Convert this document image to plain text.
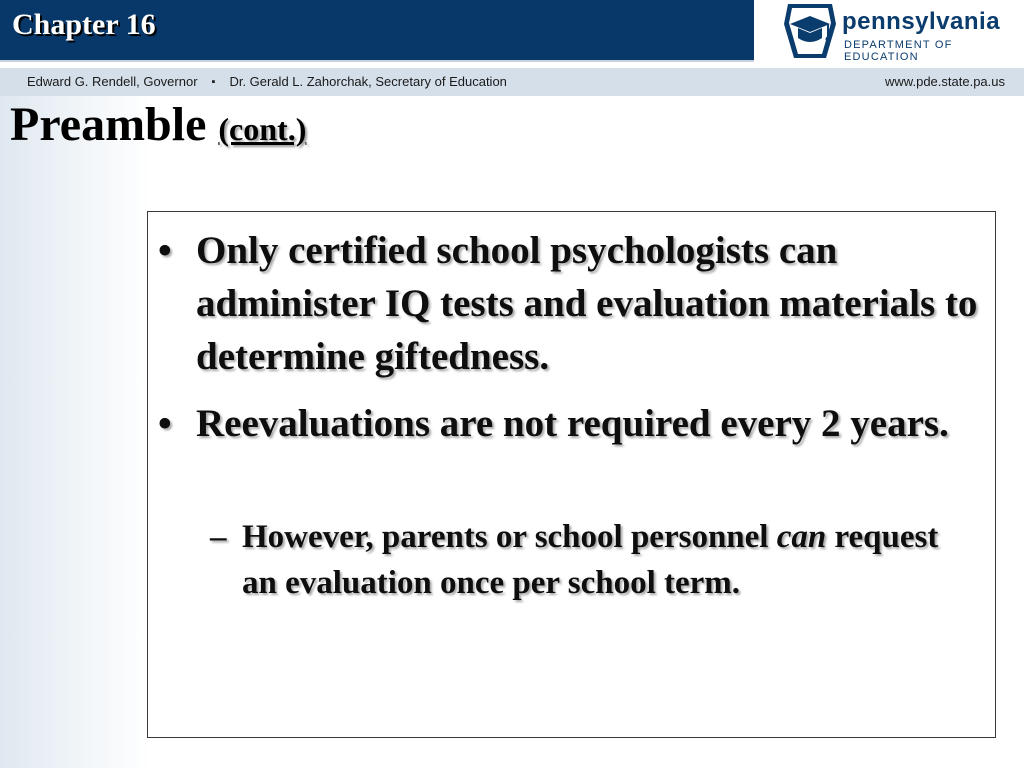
Chapter 16	pennsylvania
DEPARTMENT OF EDUCATION
Edward G. Rendell, Governor ▪ Dr. Gerald L. Zahorchak, Secretary of Education	www.pde.state.pa.us
Preamble (cont.)
• Only certified school psychologists can administer IQ tests and evaluation materials to determine giftedness.
• Reevaluations are not required every 2 years.
– However, parents or school personnel can request an evaluation once per school term.
